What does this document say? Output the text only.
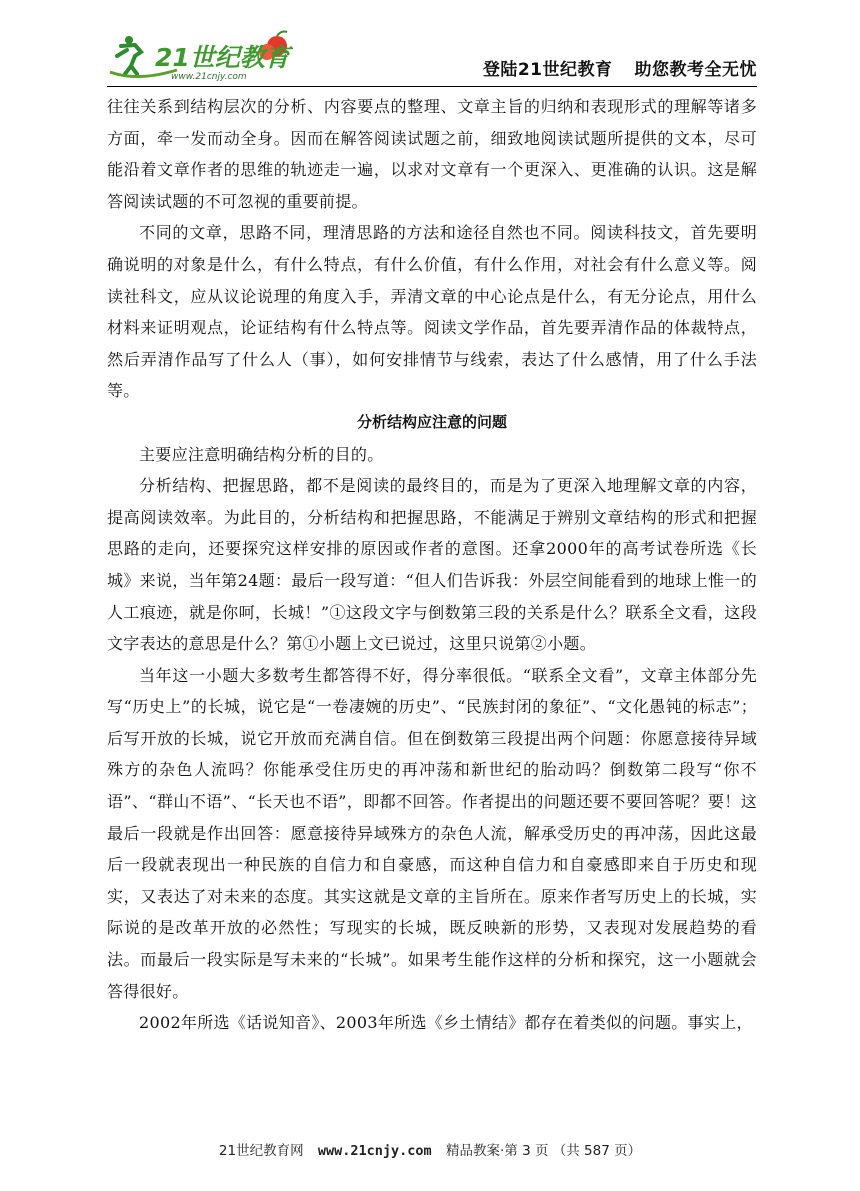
21世纪教育
www.21cnjy.com	登陆21世纪教育 助您教考全无忧

往往关系到结构层次的分析、内容要点的整理、文章主旨的归纳和表现形式的理解等诸多方面，牵一发而动全身。因而在解答阅读试题之前，细致地阅读试题所提供的文本，尽可能沿着文章作者的思维的轨迹走一遍，以求对文章有一个更深入、更准确的认识。这是解答阅读试题的不可忽视的重要前提。

不同的文章，思路不同，理清思路的方法和途径自然也不同。阅读科技文，首先要明确说明的对象是什么，有什么特点，有什么价值，有什么作用，对社会有什么意义等。阅读社科文，应从议论说理的角度入手，弄清文章的中心论点是什么，有无分论点，用什么材料来证明观点，论证结构有什么特点等。阅读文学作品，首先要弄清作品的体裁特点，然后弄清作品写了什么人（事），如何安排情节与线索，表达了什么感情，用了什么手法等。

分析结构应注意的问题

主要应注意明确结构分析的目的。

分析结构、把握思路，都不是阅读的最终目的，而是为了更深入地理解文章的内容，提高阅读效率。为此目的，分析结构和把握思路，不能满足于辨别文章结构的形式和把握思路的走向，还要探究这样安排的原因或作者的意图。还拿2000年的高考试卷所选《长城》来说，当年第24题：最后一段写道：“但人们告诉我：外层空间能看到的地球上惟一的人工痕迹，就是你呵，长城！”①这段文字与倒数第三段的关系是什么？联系全文看，这段文字表达的意思是什么？第①小题上文已说过，这里只说第②小题。

当年这一小题大多数考生都答得不好，得分率很低。“联系全文看”，文章主体部分先写“历史上”的长城，说它是“一卷凄婉的历史”、“民族封闭的象征”、“文化愚钝的标志”；后写开放的长城，说它开放而充满自信。但在倒数第三段提出两个问题：你愿意接待异域殊方的杂色人流吗？你能承受住历史的再冲荡和新世纪的胎动吗？倒数第二段写“你不语”、“群山不语”、“长天也不语”，即都不回答。作者提出的问题还要不要回答呢？要！这最后一段就是作出回答：愿意接待异域殊方的杂色人流，解承受历史的再冲荡，因此这最后一段就表现出一种民族的自信力和自豪感，而这种自信力和自豪感即来自于历史和现实，又表达了对未来的态度。其实这就是文章的主旨所在。原来作者写历史上的长城，实际说的是改革开放的必然性；写现实的长城，既反映新的形势，又表现对发展趋势的看法。而最后一段实际是写未来的“长城”。如果考生能作这样的分析和探究，这一小题就会答得很好。

2002年所选《话说知音》、2003年所选《乡土情结》都存在着类似的问题。事实上，

21世纪教育网 www.21cnjy.com 精品教案·第 3 页 （共 587 页）
